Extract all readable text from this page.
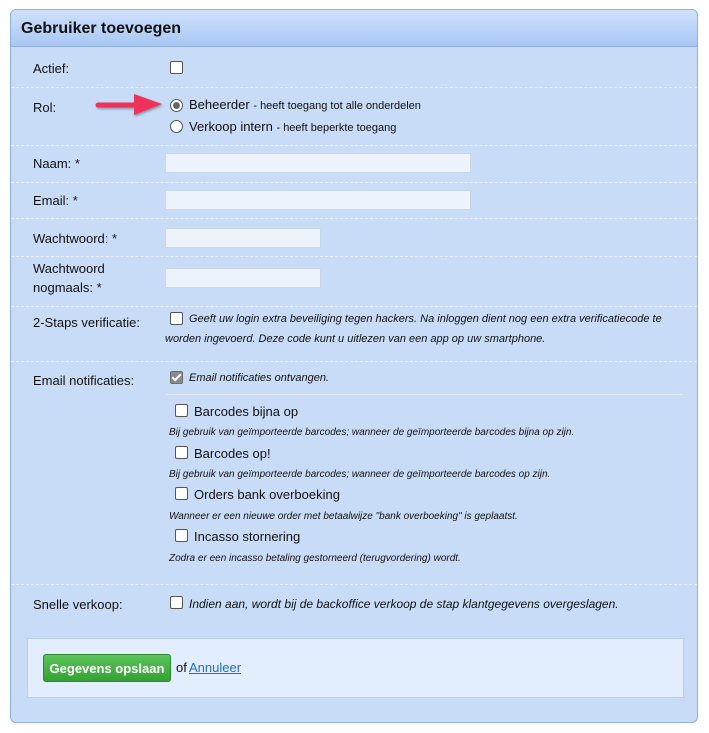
Gebruiker toevoegen
Actief:
Rol:	Beheerder - heeft toegang tot alle onderdelen
Verkoop intern - heeft beperkte toegang
Naam: *
Email: *
Wachtwoord: *
Wachtwoord
nogmaals: *
2-Staps verificatie:	Geeft uw login extra beveiliging tegen hackers. Na inloggen dient nog een extra verificatiecode te
worden ingevoerd. Deze code kunt u uitlezen van een app op uw smartphone.
Email notificaties:	Email notificaties ontvangen.
Barcodes bijna op
Bij gebruik van geïmporteerde barcodes; wanneer de geïmporteerde barcodes bijna op zijn.
Barcodes op!
Bij gebruik van geïmporteerde barcodes; wanneer de geïmporteerde barcodes op zijn.
Orders bank overboeking
Wanneer er een nieuwe order met betaalwijze "bank overboeking" is geplaatst.
Incasso stornering
Zodra er een incasso betaling gestorneerd (terugvordering) wordt.
Snelle verkoop:	Indien aan, wordt bij de backoffice verkoop de stap klantgegevens overgeslagen.
Gegevens opslaan of Annuleer
